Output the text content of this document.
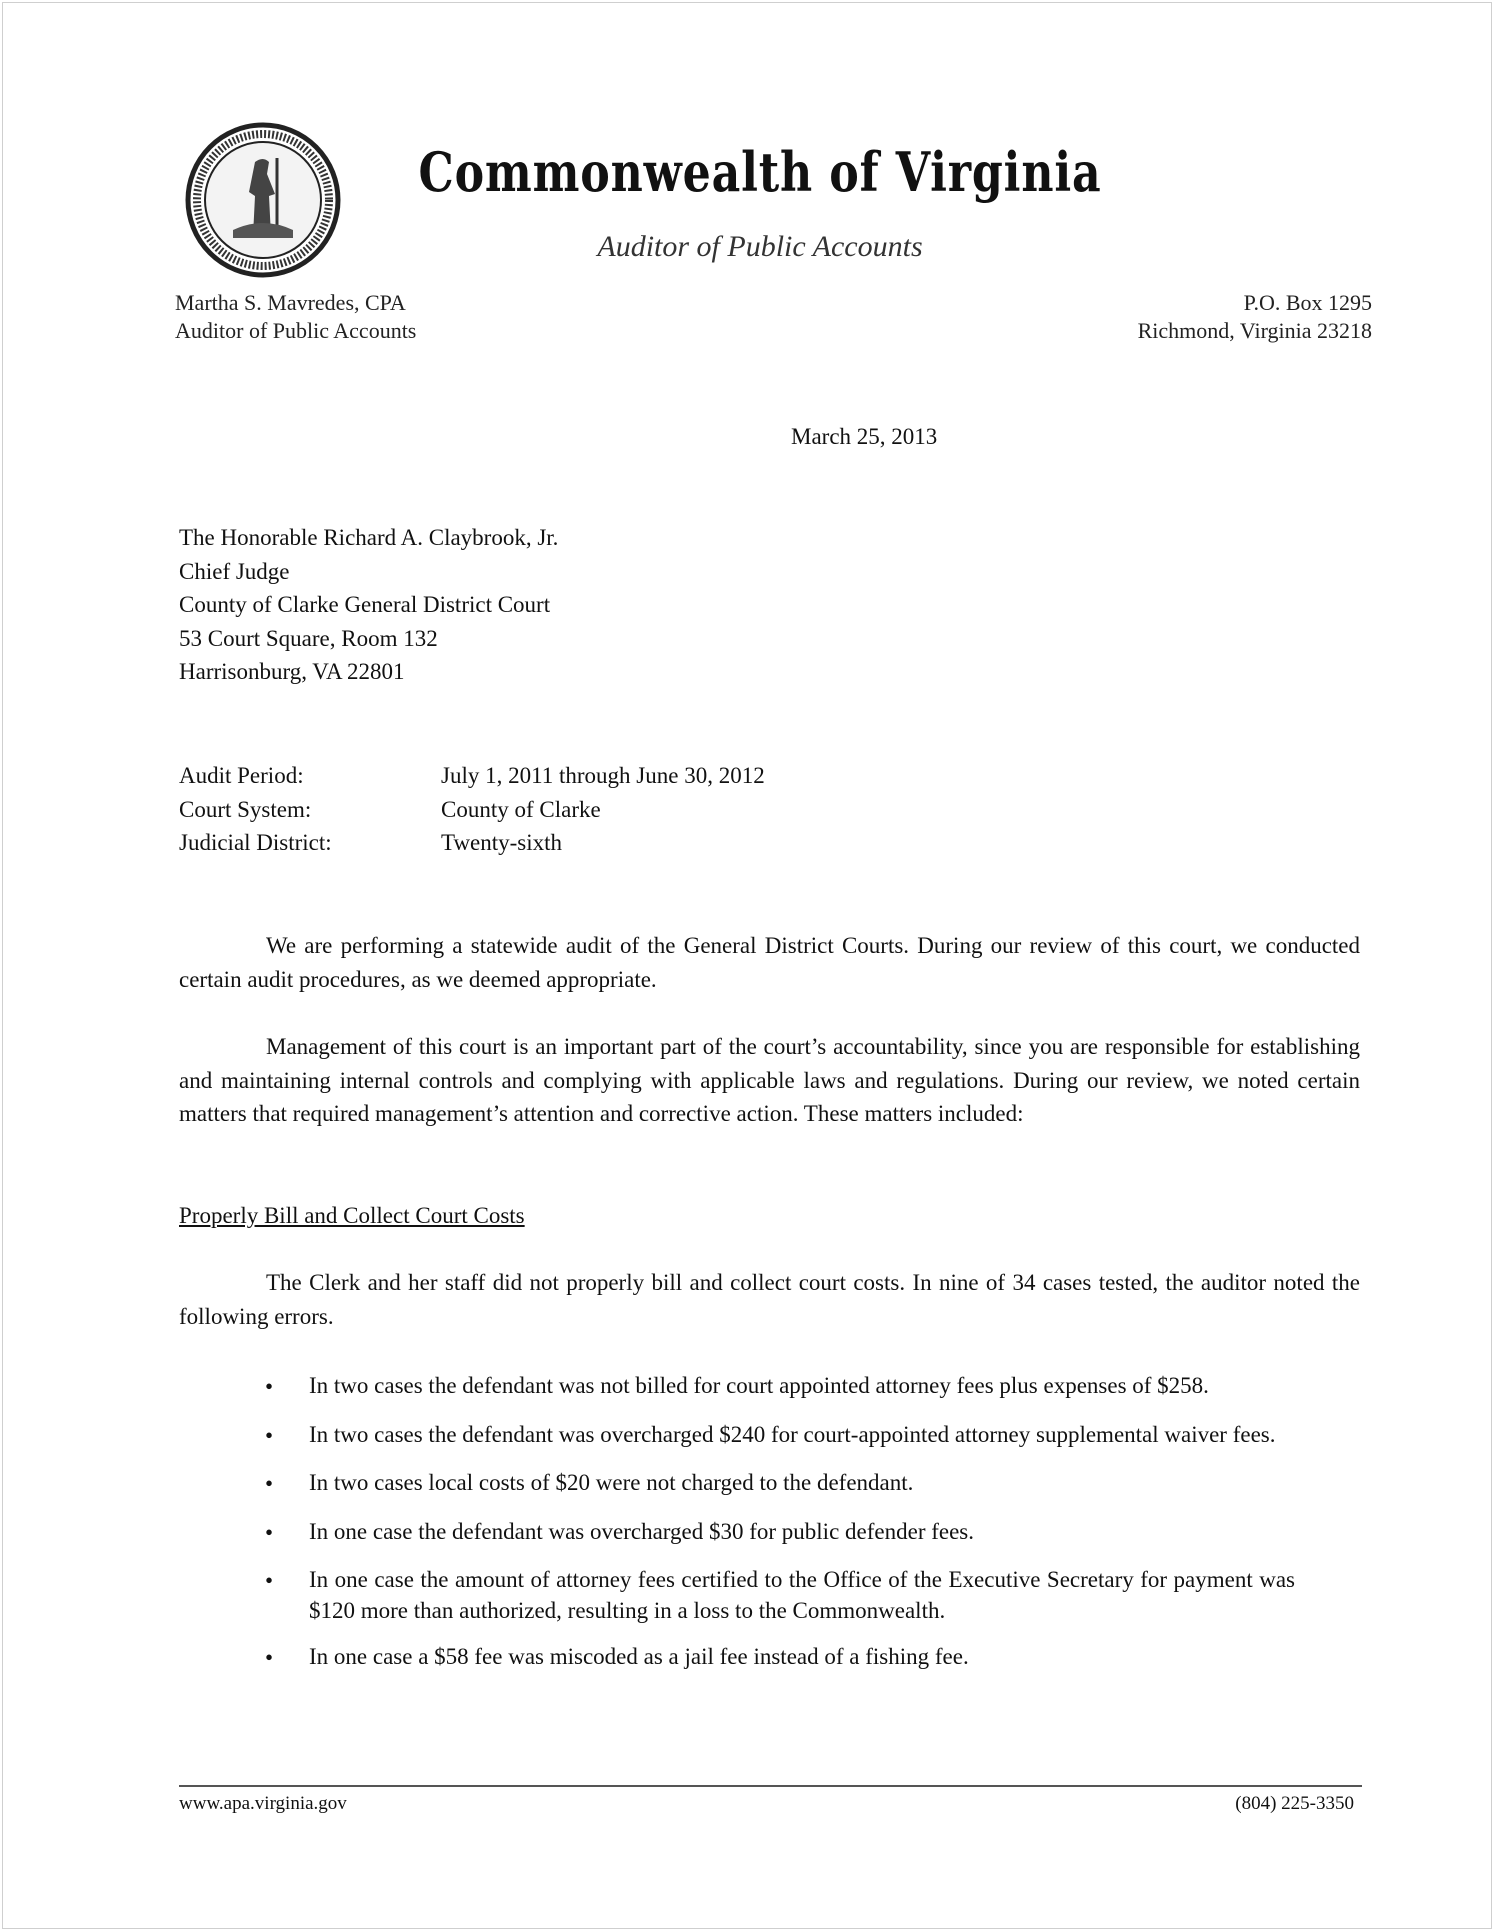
Commonwealth of Virginia
Auditor of Public Accounts
Martha S. Mavredes, CPA
Auditor of Public Accounts
P.O. Box 1295
Richmond, Virginia 23218
March 25, 2013
The Honorable Richard A. Claybrook, Jr.
Chief Judge
County of Clarke General District Court
53 Court Square, Room 132
Harrisonburg, VA 22801
Audit Period:	July 1, 2011 through June 30, 2012
Court System:	County of Clarke
Judicial District:	Twenty-sixth
We are performing a statewide audit of the General District Courts. During our review of this court, we conducted certain audit procedures, as we deemed appropriate.
Management of this court is an important part of the court’s accountability, since you are responsible for establishing and maintaining internal controls and complying with applicable laws and regulations. During our review, we noted certain matters that required management’s attention and corrective action. These matters included:
Properly Bill and Collect Court Costs
The Clerk and her staff did not properly bill and collect court costs. In nine of 34 cases tested, the auditor noted the following errors.
•	In two cases the defendant was not billed for court appointed attorney fees plus expenses of $258.
•	In two cases the defendant was overcharged $240 for court-appointed attorney supplemental waiver fees.
•	In two cases local costs of $20 were not charged to the defendant.
•	In one case the defendant was overcharged $30 for public defender fees.
•	In one case the amount of attorney fees certified to the Office of the Executive Secretary for payment was $120 more than authorized, resulting in a loss to the Commonwealth.
•	In one case a $58 fee was miscoded as a jail fee instead of a fishing fee.
www.apa.virginia.gov	(804) 225-3350
